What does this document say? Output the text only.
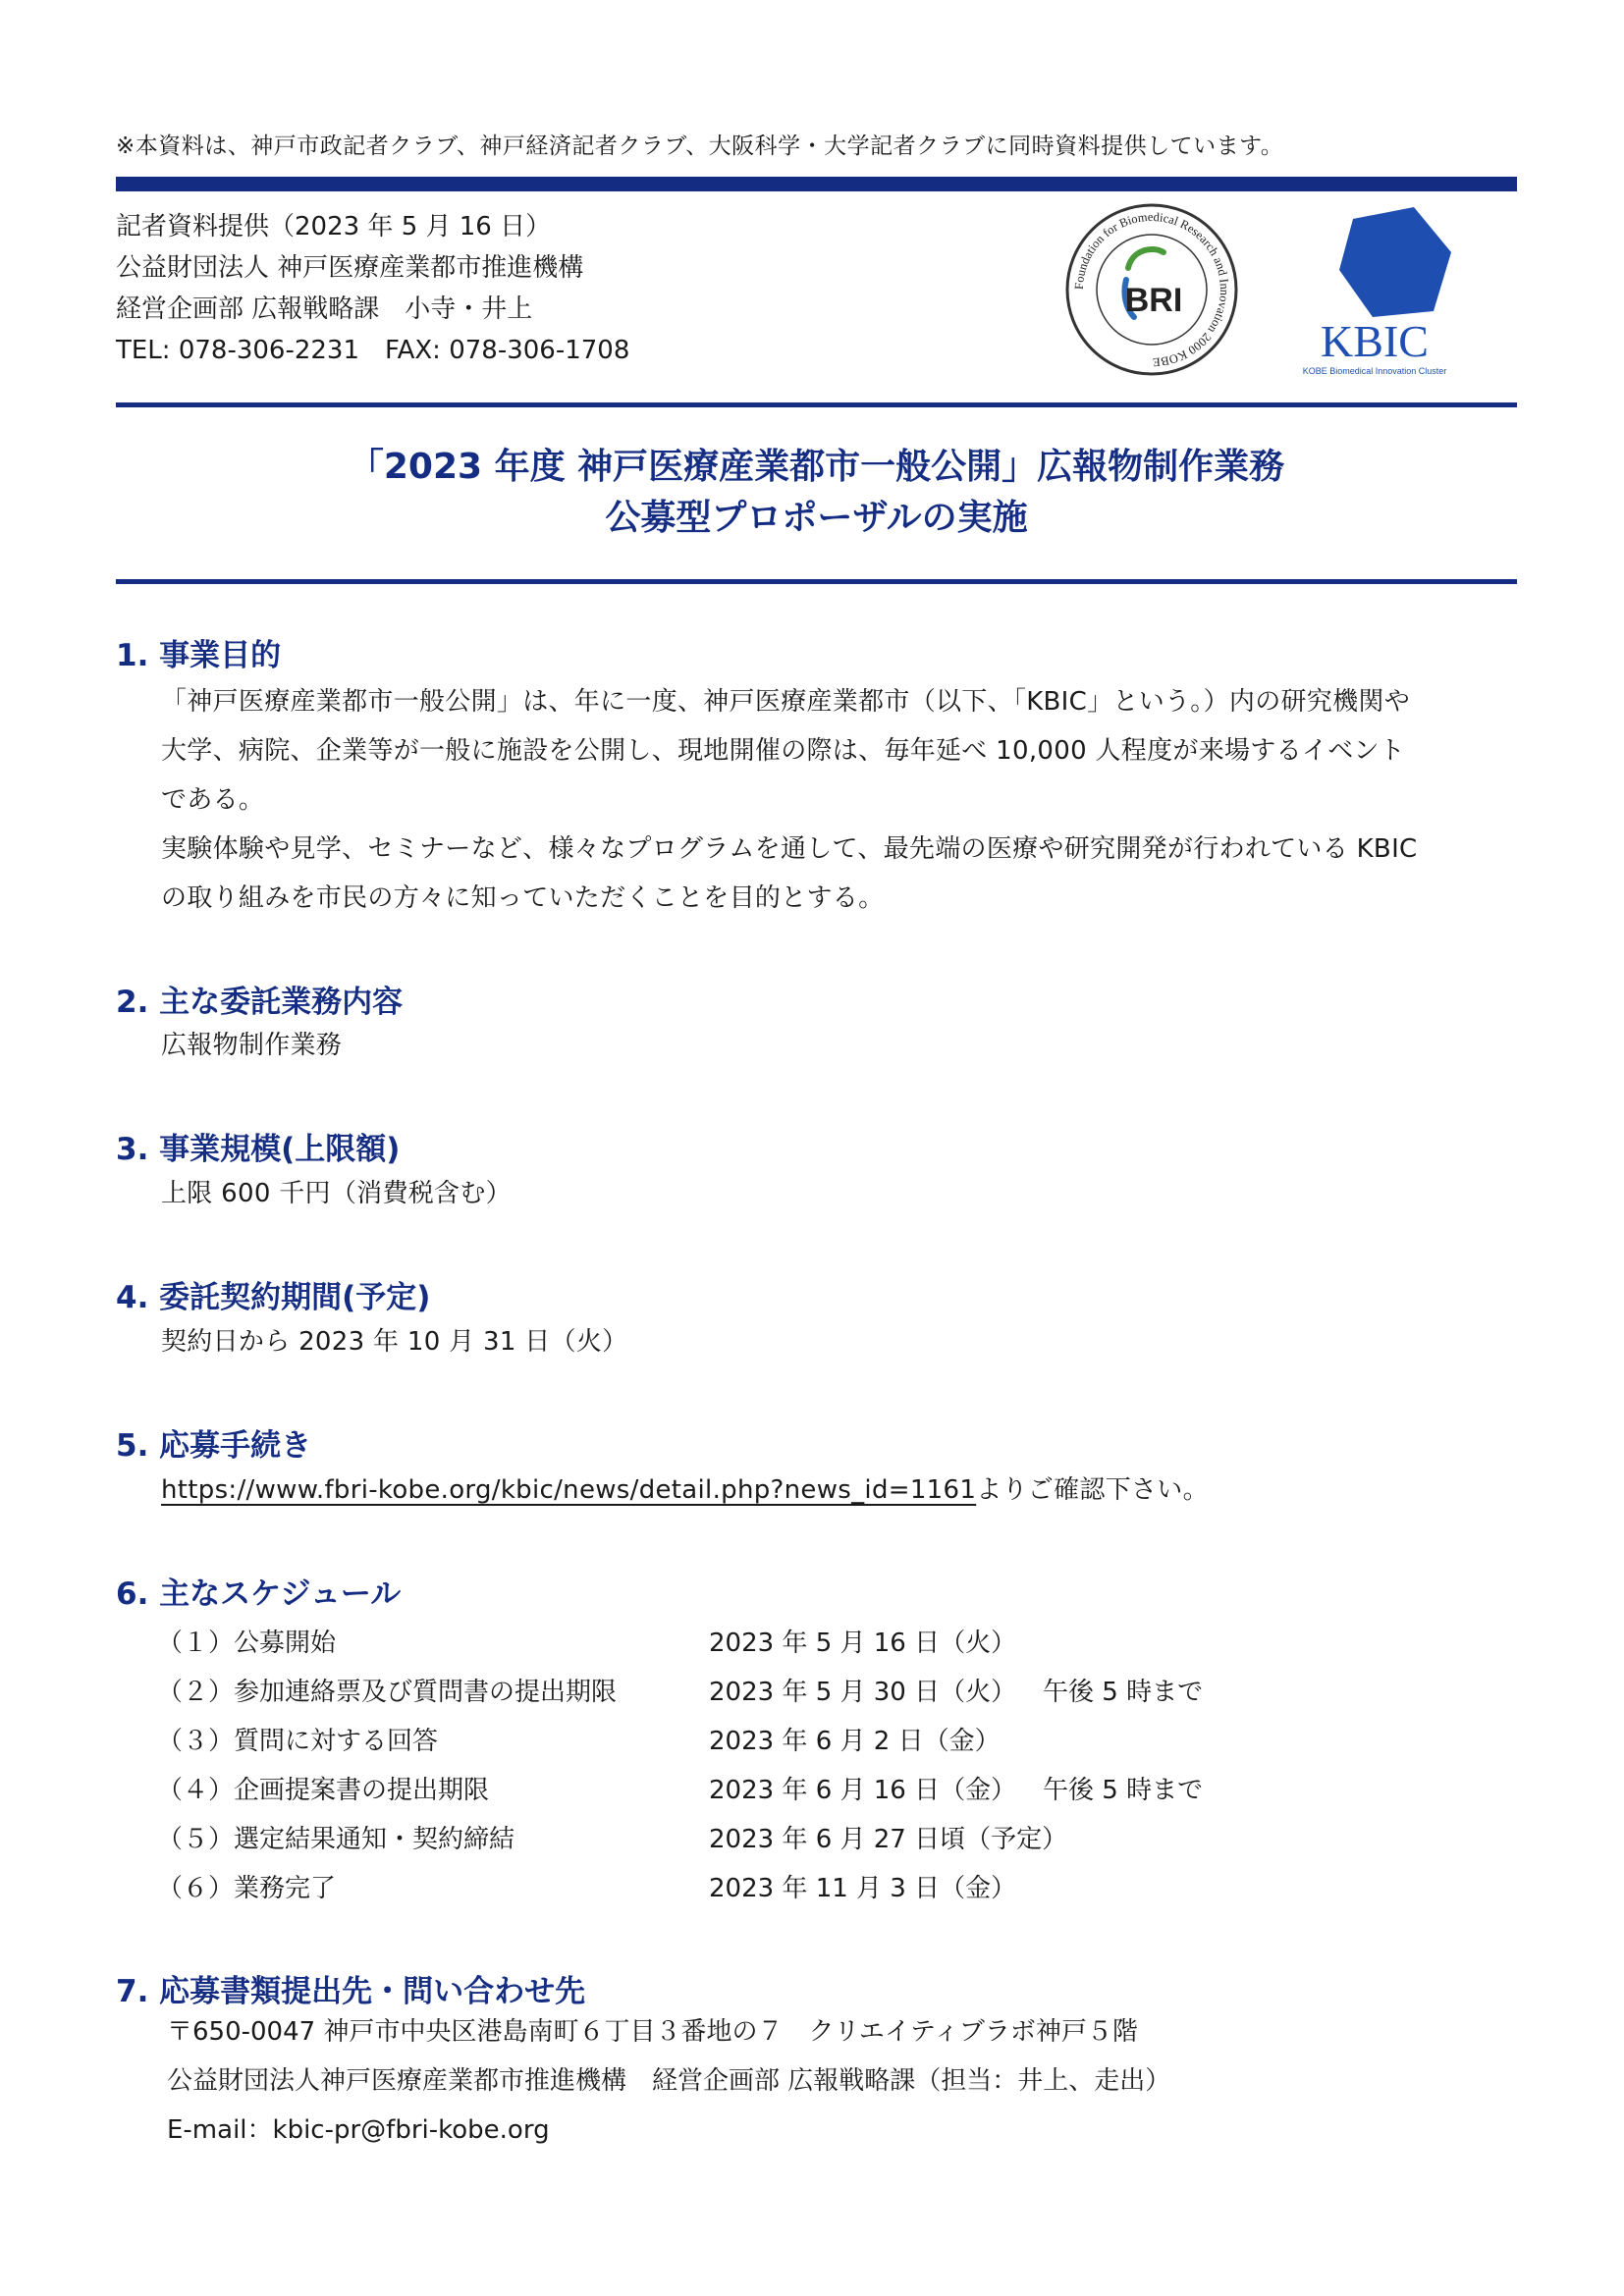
※本資料は、神戸市政記者クラブ、神戸経済記者クラブ、大阪科学・大学記者クラブに同時資料提供しています。
記者資料提供（2023 年 5 月 16 日）
公益財団法人 神戸医療産業都市推進機構
経営企画部 広報戦略課　小寺・井上
TEL: 078-306-2231　FAX: 078-306-1708
Foundation for Biomedical Research and Innovation 2000 KOBE
BRI
KBIC
KOBE Biomedical Innovation Cluster
「2023 年度 神戸医療産業都市一般公開」広報物制作業務
公募型プロポーザルの実施
1. 事業目的
「神戸医療産業都市一般公開」は、年に一度、神戸医療産業都市（以下、「KBIC」という。）内の研究機関や
大学、病院、企業等が一般に施設を公開し、現地開催の際は、毎年延べ 10,000 人程度が来場するイベント
である。
実験体験や見学、セミナーなど、様々なプログラムを通して、最先端の医療や研究開発が行われている KBIC
の取り組みを市民の方々に知っていただくことを目的とする。
2. 主な委託業務内容
広報物制作業務
3. 事業規模(上限額)
上限 600 千円（消費税含む）
4. 委託契約期間(予定)
契約日から 2023 年 10 月 31 日（火）
5. 応募手続き
https://www.fbri-kobe.org/kbic/news/detail.php?news_id=1161よりご確認下さい。
6. 主なスケジュール
（１）公募開始	2023 年 5 月 16 日（火）
（２）参加連絡票及び質問書の提出期限	2023 年 5 月 30 日（火） 午後 5 時まで
（３）質問に対する回答	2023 年 6 月 2 日（金）
（４）企画提案書の提出期限	2023 年 6 月 16 日（金） 午後 5 時まで
（５）選定結果通知・契約締結	2023 年 6 月 27 日頃（予定）
（６）業務完了	2023 年 11 月 3 日（金）
7. 応募書類提出先・問い合わせ先
〒650-0047 神戸市中央区港島南町６丁目３番地の７　クリエイティブラボ神戸５階
公益財団法人神戸医療産業都市推進機構　経営企画部 広報戦略課（担当：井上、走出）
E-mail：kbic-pr@fbri-kobe.org
